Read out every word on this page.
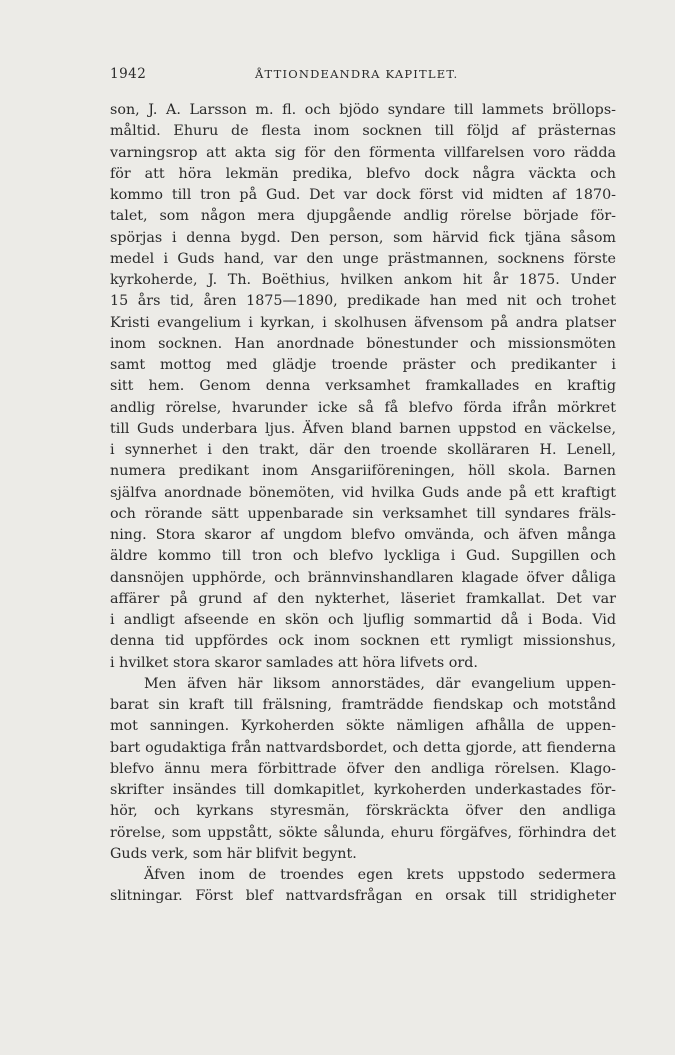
1942	ÅTTIONDEANDRA KAPITLET.
son, J. A. Larsson m. fl. och bjödo syndare till lammets bröllops-
måltid. Ehuru de flesta inom socknen till följd af prästernas
varningsrop att akta sig för den förmenta villfarelsen voro rädda
för att höra lekmän predika, blefvo dock några väckta och
kommo till tron på Gud. Det var dock först vid midten af 1870-
talet, som någon mera djupgående andlig rörelse började för-
spörjas i denna bygd. Den person, som härvid fick tjäna såsom
medel i Guds hand, var den unge prästmannen, socknens förste
kyrkoherde, J. Th. Boëthius, hvilken ankom hit år 1875. Under
15 års tid, åren 1875—1890, predikade han med nit och trohet
Kristi evangelium i kyrkan, i skolhusen äfvensom på andra platser
inom socknen. Han anordnade bönestunder och missionsmöten
samt mottog med glädje troende präster och predikanter i
sitt hem. Genom denna verksamhet framkallades en kraftig
andlig rörelse, hvarunder icke så få blefvo förda ifrån mörkret
till Guds underbara ljus. Äfven bland barnen uppstod en väckelse,
i synnerhet i den trakt, där den troende skolläraren H. Lenell,
numera predikant inom Ansgariiföreningen, höll skola. Barnen
själfva anordnade bönemöten, vid hvilka Guds ande på ett kraftigt
och rörande sätt uppenbarade sin verksamhet till syndares fräls-
ning. Stora skaror af ungdom blefvo omvända, och äfven många
äldre kommo till tron och blefvo lyckliga i Gud. Supgillen och
dansnöjen upphörde, och brännvinshandlaren klagade öfver dåliga
affärer på grund af den nykterhet, läseriet framkallat. Det var
i andligt afseende en skön och ljuflig sommartid då i Boda. Vid
denna tid uppfördes ock inom socknen ett rymligt missionshus,
i hvilket stora skaror samlades att höra lifvets ord.
Men äfven här liksom annorstädes, där evangelium uppen-
barat sin kraft till frälsning, framträdde fiendskap och motstånd
mot sanningen. Kyrkoherden sökte nämligen afhålla de uppen-
bart ogudaktiga från nattvardsbordet, och detta gjorde, att fienderna
blefvo ännu mera förbittrade öfver den andliga rörelsen. Klago-
skrifter insändes till domkapitlet, kyrkoherden underkastades för-
hör, och kyrkans styresmän, förskräckta öfver den andliga
rörelse, som uppstått, sökte sålunda, ehuru förgäfves, förhindra det
Guds verk, som här blifvit begynt.
Äfven inom de troendes egen krets uppstodo sedermera
slitningar. Först blef nattvardsfrågan en orsak till stridigheter
